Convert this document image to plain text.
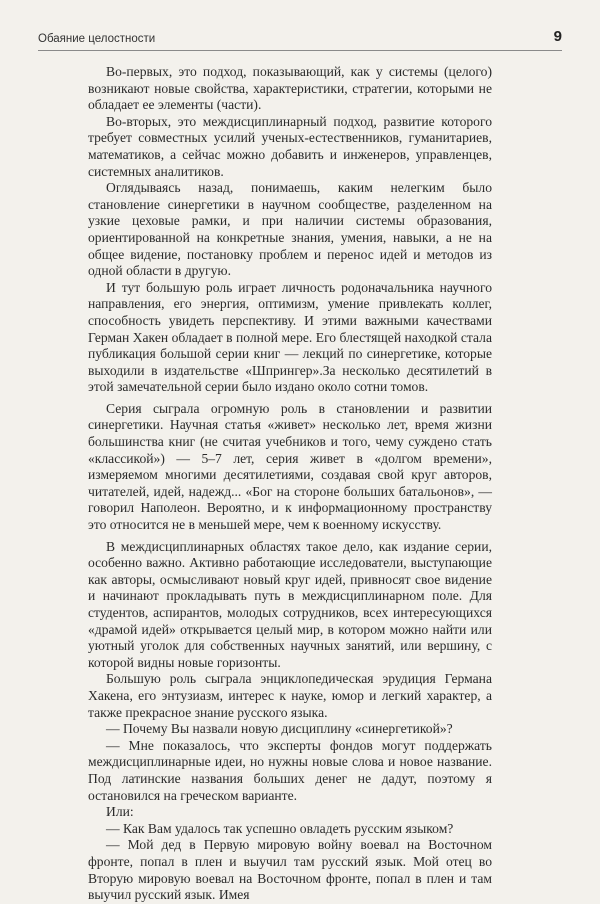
Обаяние целостности	9

Во-первых, это подход, показывающий, как у системы (целого) возникают новые свойства, характеристики, стратегии, которыми не обладает ее элементы (части).

Во-вторых, это междисциплинарный подход, развитие которого требует совместных усилий ученых-естественников, гуманитариев, математиков, а сейчас можно добавить и инженеров, управленцев, системных аналитиков.

Оглядываясь назад, понимаешь, каким нелегким было становление синергетики в научном сообществе, разделенном на узкие цеховые рамки, и при наличии системы образования, ориентированной на конкретные знания, умения, навыки, а не на общее видение, постановку проблем и перенос идей и методов из одной области в другую.

И тут большую роль играет личность родоначальника научного направления, его энергия, оптимизм, умение привлекать коллег, способность увидеть перспективу. И этими важными качествами Герман Хакен обладает в полной мере. Его блестящей находкой стала публикация большой серии книг — лекций по синергетике, которые выходили в издательстве «Шпрингер».За несколько десятилетий в этой замечательной серии было издано около сотни томов.

Серия сыграла огромную роль в становлении и развитии синергетики. Научная статья «живет» несколько лет, время жизни большинства книг (не считая учебников и того, чему суждено стать «классикой») — 5–7 лет, серия живет в «долгом времени», измеряемом многими десятилетиями, создавая свой круг авторов, читателей, идей, надежд... «Бог на стороне больших батальонов», — говорил Наполеон. Вероятно, и к информационному пространству это относится не в меньшей мере, чем к военному искусству.

В междисциплинарных областях такое дело, как издание серии, особенно важно. Активно работающие исследователи, выступающие как авторы, осмысливают новый круг идей, привносят свое видение и начинают прокладывать путь в междисциплинарном поле. Для студентов, аспирантов, молодых сотрудников, всех интересующихся «драмой идей» открывается целый мир, в котором можно найти или уютный уголок для собственных научных занятий, или вершину, с которой видны новые горизонты.

Большую роль сыграла энциклопедическая эрудиция Германа Хакена, его энтузиазм, интерес к науке, юмор и легкий характер, а также прекрасное знание русского языка.

— Почему Вы назвали новую дисциплину «синергетикой»?

— Мне показалось, что эксперты фондов могут поддержать междисциплинарные идеи, но нужны новые слова и новое название. Под латинские названия больших денег не дадут, поэтому я остановился на греческом варианте.

Или:

— Как Вам удалось так успешно овладеть русским языком?

— Мой дед в Первую мировую войну воевал на Восточном фронте, попал в плен и выучил там русский язык. Мой отец во Вторую мировую воевал на Восточном фронте, попал в плен и там выучил русский язык. Имея
